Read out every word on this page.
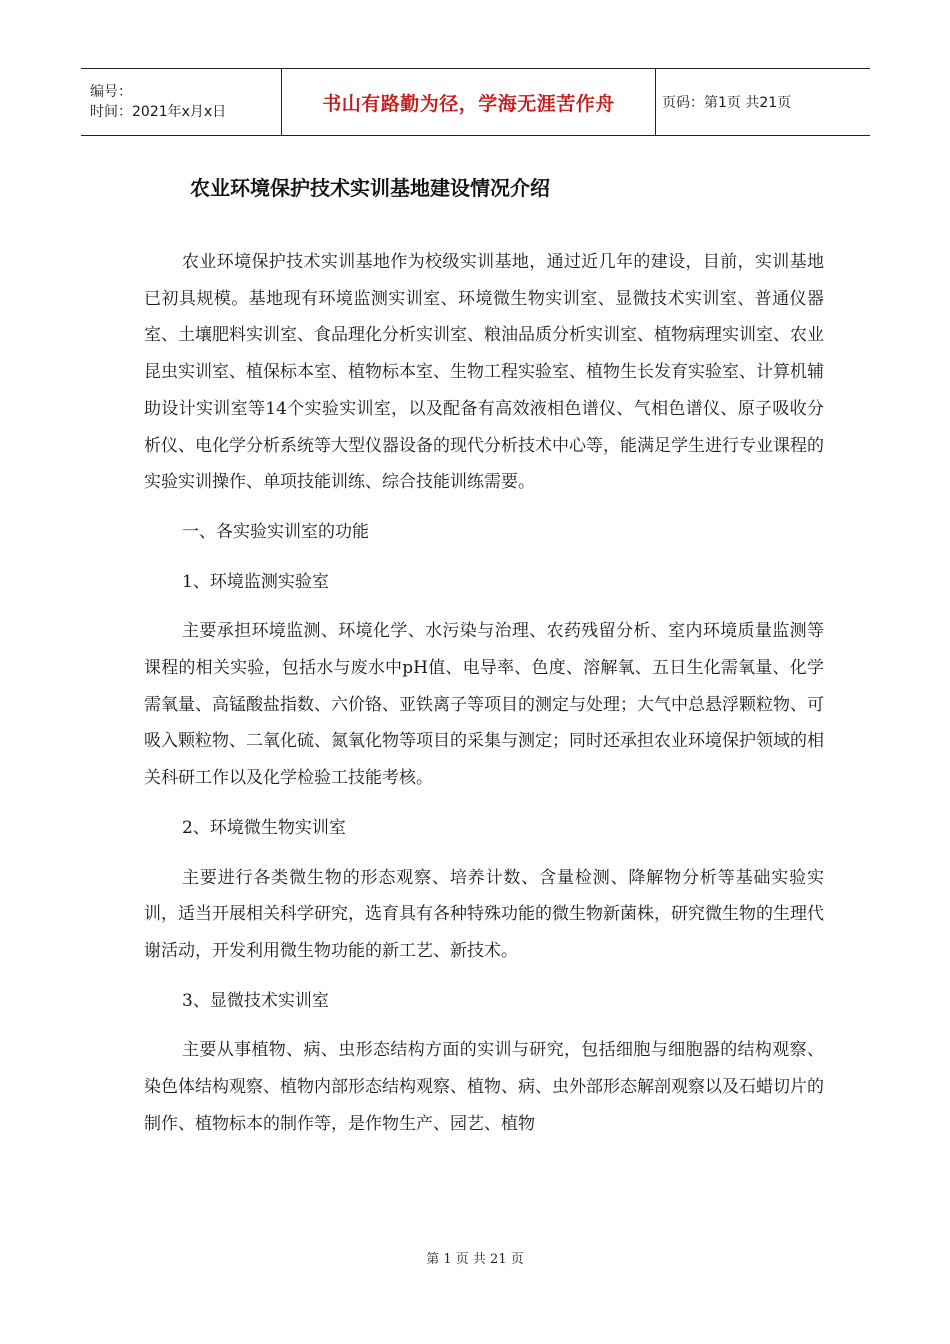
编号：
时间：2021年x月x日	书山有路勤为径，学海无涯苦作舟	页码：第1页 共21页
农业环境保护技术实训基地建设情况介绍

农业环境保护技术实训基地作为校级实训基地，通过近几年的建设，目前，实训基地已初具规模。基地现有环境监测实训室、环境微生物实训室、显微技术实训室、普通仪器室、土壤肥料实训室、食品理化分析实训室、粮油品质分析实训室、植物病理实训室、农业昆虫实训室、植保标本室、植物标本室、生物工程实验室、植物生长发育实验室、计算机辅助设计实训室等14个实验实训室，以及配备有高效液相色谱仪、气相色谱仪、原子吸收分析仪、电化学分析系统等大型仪器设备的现代分析技术中心等，能满足学生进行专业课程的实验实训操作、单项技能训练、综合技能训练需要。

一、各实验实训室的功能

1、环境监测实验室

主要承担环境监测、环境化学、水污染与治理、农药残留分析、室内环境质量监测等课程的相关实验，包括水与废水中pH值、电导率、色度、溶解氧、五日生化需氧量、化学需氧量、高锰酸盐指数、六价铬、亚铁离子等项目的测定与处理；大气中总悬浮颗粒物、可吸入颗粒物、二氧化硫、氮氧化物等项目的采集与测定；同时还承担农业环境保护领域的相关科研工作以及化学检验工技能考核。

2、环境微生物实训室

主要进行各类微生物的形态观察、培养计数、含量检测、降解物分析等基础实验实训，适当开展相关科学研究，选育具有各种特殊功能的微生物新菌株，研究微生物的生理代谢活动，开发利用微生物功能的新工艺、新技术。

3、显微技术实训室

主要从事植物、病、虫形态结构方面的实训与研究，包括细胞与细胞器的结构观察、染色体结构观察、植物内部形态结构观察、植物、病、虫外部形态解剖观察以及石蜡切片的制作、植物标本的制作等，是作物生产、园艺、植物

第 1 页 共 21 页
